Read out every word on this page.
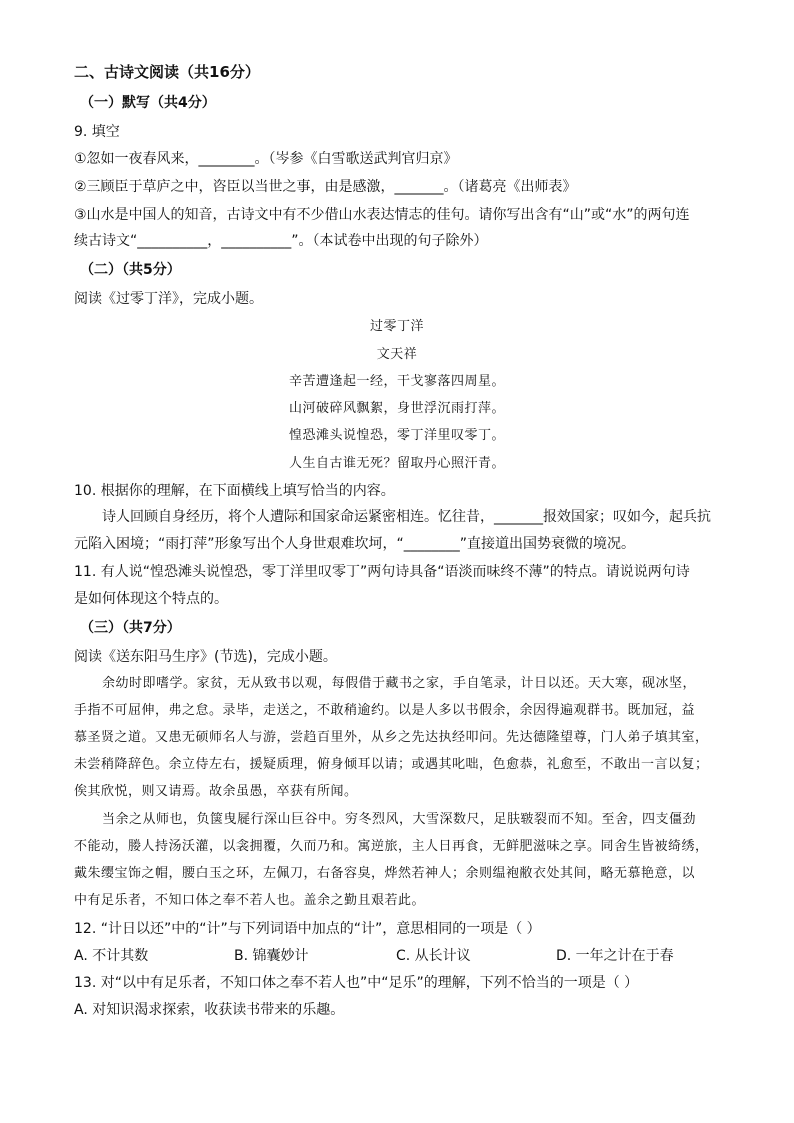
二、古诗文阅读（共16分）
（一）默写（共4分）
9. 填空
①忽如一夜春风来，________。（岑参《白雪歌送武判官归京》
②三顾臣于草庐之中，咨臣以当世之事，由是感激，_______。（诸葛亮《出师表》
③山水是中国人的知音，古诗文中有不少借山水表达情志的佳句。请你写出含有“山”或“水”的两句连
续古诗文“__________，__________”。（本试卷中出现的句子除外）
（二）（共5分）
阅读《过零丁洋》，完成小题。
过零丁洋
文天祥
辛苦遭逢起一经，干戈寥落四周星。
山河破碎风飘絮，身世浮沉雨打萍。
惶恐滩头说惶恐，零丁洋里叹零丁。
人生自古谁无死？留取丹心照汗青。
10. 根据你的理解，在下面横线上填写恰当的内容。
诗人回顾自身经历，将个人遭际和国家命运紧密相连。忆往昔，_______报效国家；叹如今，起兵抗
元陷入困境；“雨打萍”形象写出个人身世艰难坎坷，“________”直接道出国势衰微的境况。
11. 有人说“惶恐滩头说惶恐，零丁洋里叹零丁”两句诗具备“语淡而味终不薄”的特点。请说说两句诗
是如何体现这个特点的。
（三）（共7分）
阅读《送东阳马生序》(节选)，完成小题。
余幼时即嗜学。家贫，无从致书以观，每假借于藏书之家，手自笔录，计日以还。天大寒，砚冰坚，
手指不可屈伸，弗之怠。录毕，走送之，不敢稍逾约。以是人多以书假余，余因得遍观群书。既加冠，益
慕圣贤之道。又患无硕师名人与游，尝趋百里外，从乡之先达执经叩问。先达德隆望尊，门人弟子填其室，
未尝稍降辞色。余立侍左右，援疑质理，俯身倾耳以请；或遇其叱咄，色愈恭，礼愈至，不敢出一言以复；
俟其欣悦，则又请焉。故余虽愚，卒获有所闻。
当余之从师也，负箧曳屣行深山巨谷中。穷冬烈风，大雪深数尺，足肤皲裂而不知。至舍，四支僵劲
不能动，媵人持汤沃灌，以衾拥覆，久而乃和。寓逆旅，主人日再食，无鲜肥滋味之享。同舍生皆被绮绣，
戴朱缨宝饰之帽，腰白玉之环，左佩刀，右备容臭，烨然若神人；余则缊袍敝衣处其间，略无慕艳意，以
中有足乐者，不知口体之奉不若人也。盖余之勤且艰若此。
12. “计日以还”中的“计”与下列词语中加点的“计”，意思相同的一项是（ ）
A. 不计其数	B. 锦囊妙计	C. 从长计议	D. 一年之计在于春
13. 对“以中有足乐者，不知口体之奉不若人也”中“足乐”的理解，下列不恰当的一项是（ ）
A. 对知识渴求探索，收获读书带来的乐趣。
